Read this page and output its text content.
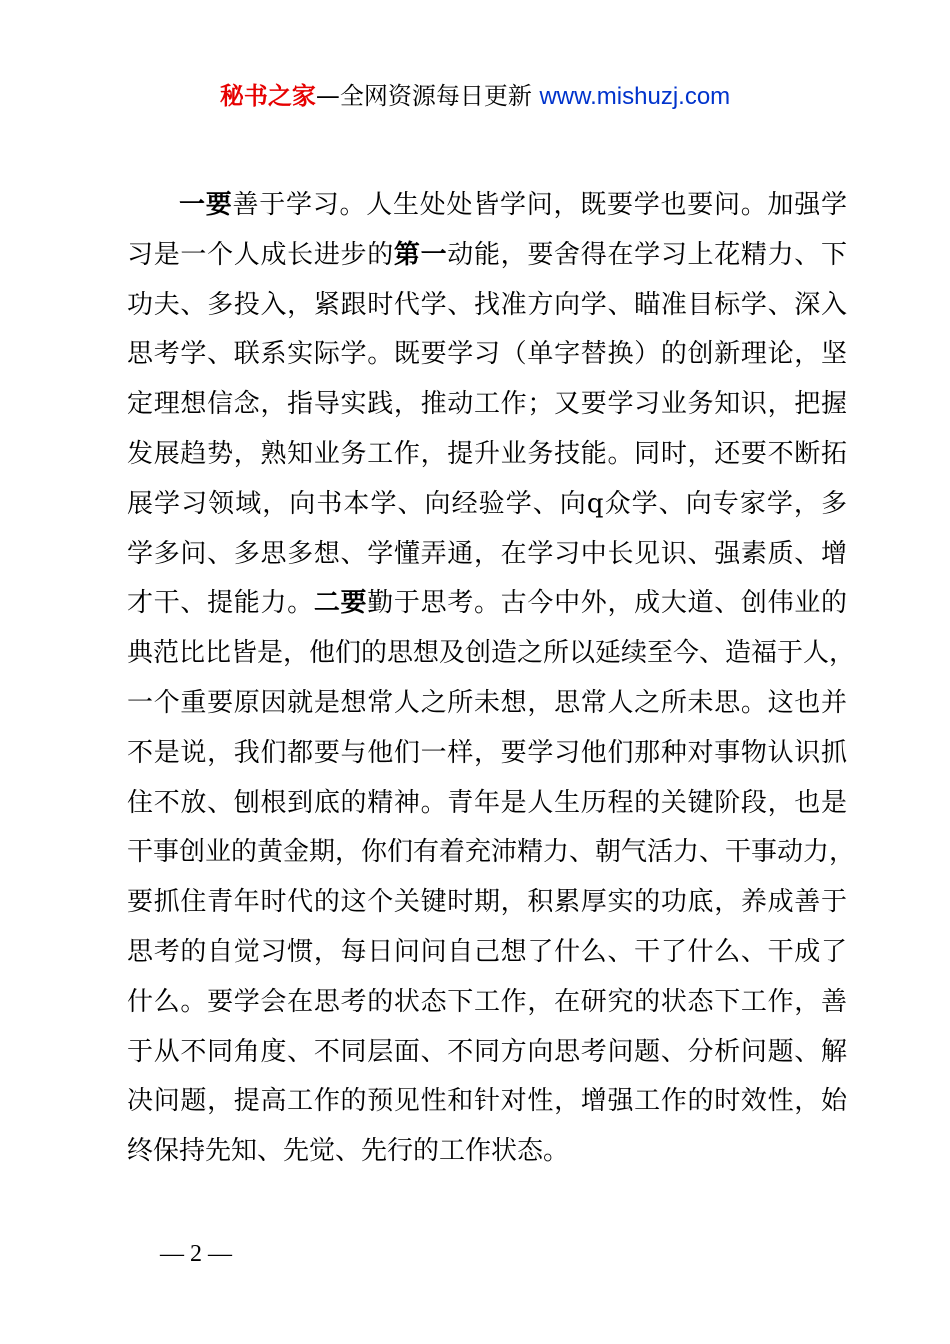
秘书之家—全网资源每日更新 www.mishuzj.com
一要善于学习。人生处处皆学问，既要学也要问。加强学
习是一个人成长进步的第一动能，要舍得在学习上花精力、下
功夫、多投入，紧跟时代学、找准方向学、瞄准目标学、深入
思考学、联系实际学。既要学习（单字替换）的创新理论，坚
定理想信念，指导实践，推动工作；又要学习业务知识，把握
发展趋势，熟知业务工作，提升业务技能。同时，还要不断拓
展学习领域，向书本学、向经验学、向q众学、向专家学，多
学多问、多思多想、学懂弄通，在学习中长见识、强素质、增
才干、提能力。二要勤于思考。古今中外，成大道、创伟业的
典范比比皆是，他们的思想及创造之所以延续至今、造福于人，
一个重要原因就是想常人之所未想，思常人之所未思。这也并
不是说，我们都要与他们一样，要学习他们那种对事物认识抓
住不放、刨根到底的精神。青年是人生历程的关键阶段，也是
干事创业的黄金期，你们有着充沛精力、朝气活力、干事动力，
要抓住青年时代的这个关键时期，积累厚实的功底，养成善于
思考的自觉习惯，每日问问自己想了什么、干了什么、干成了
什么。要学会在思考的状态下工作，在研究的状态下工作，善
于从不同角度、不同层面、不同方向思考问题、分析问题、解
决问题，提高工作的预见性和针对性，增强工作的时效性，始
终保持先知、先觉、先行的工作状态。
— 2 —
